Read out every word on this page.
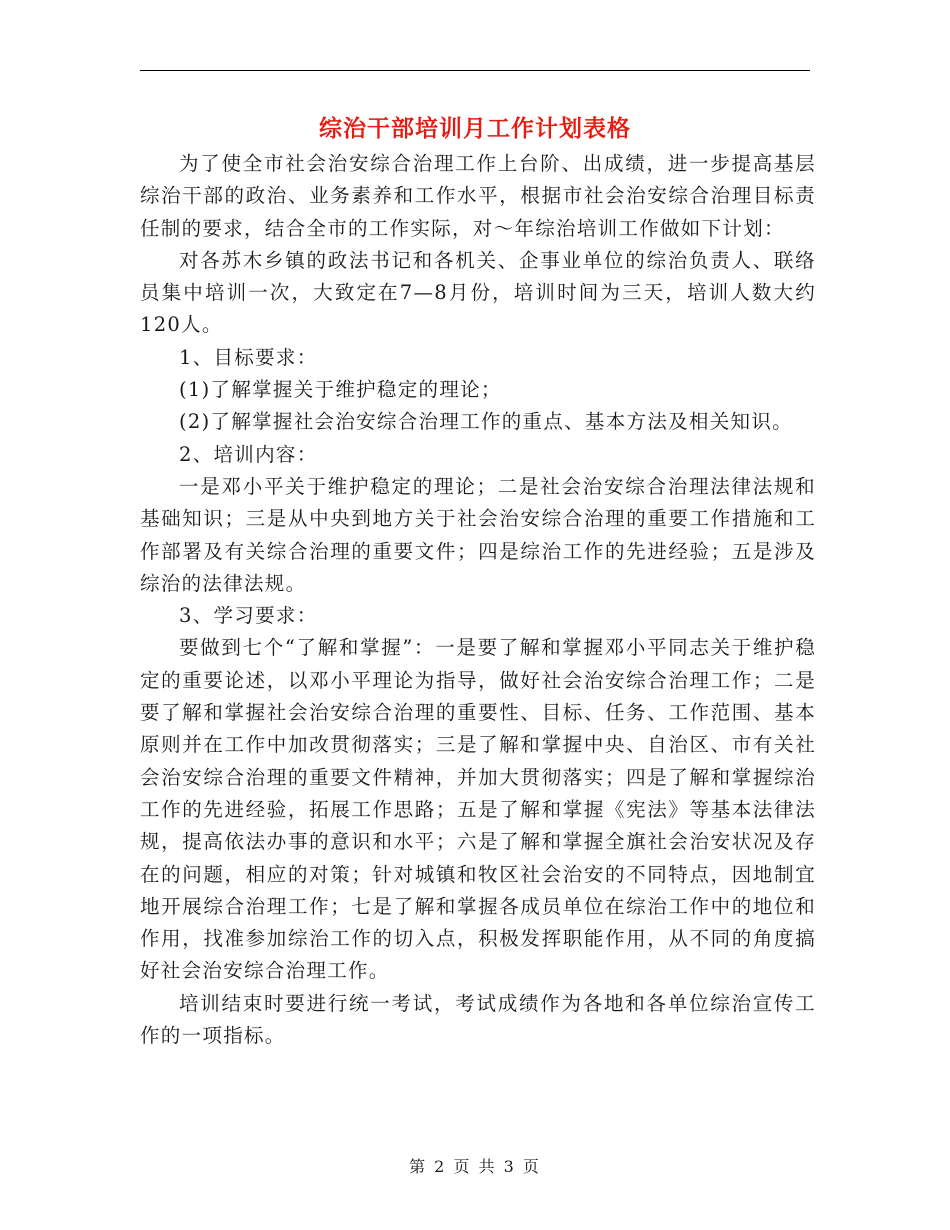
综治干部培训月工作计划表格
为了使全市社会治安综合治理工作上台阶、出成绩，进一步提高基层综治干部的政治、业务素养和工作水平，根据市社会治安综合治理目标责任制的要求，结合全市的工作实际，对～年综治培训工作做如下计划：
对各苏木乡镇的政法书记和各机关、企事业单位的综治负责人、联络员集中培训一次，大致定在7—8月份，培训时间为三天，培训人数大约120人。
1、目标要求：
(1)了解掌握关于维护稳定的理论；
(2)了解掌握社会治安综合治理工作的重点、基本方法及相关知识。
2、培训内容：
一是邓小平关于维护稳定的理论；二是社会治安综合治理法律法规和基础知识；三是从中央到地方关于社会治安综合治理的重要工作措施和工作部署及有关综合治理的重要文件；四是综治工作的先进经验；五是涉及综治的法律法规。
3、学习要求：
要做到七个“了解和掌握”：一是要了解和掌握邓小平同志关于维护稳定的重要论述，以邓小平理论为指导，做好社会治安综合治理工作；二是要了解和掌握社会治安综合治理的重要性、目标、任务、工作范围、基本原则并在工作中加改贯彻落实；三是了解和掌握中央、自治区、市有关社会治安综合治理的重要文件精神，并加大贯彻落实；四是了解和掌握综治工作的先进经验，拓展工作思路；五是了解和掌握《宪法》等基本法律法规，提高依法办事的意识和水平；六是了解和掌握全旗社会治安状况及存在的问题，相应的对策；针对城镇和牧区社会治安的不同特点，因地制宜地开展综合治理工作；七是了解和掌握各成员单位在综治工作中的地位和作用，找准参加综治工作的切入点，积极发挥职能作用，从不同的角度搞好社会治安综合治理工作。
培训结束时要进行统一考试，考试成绩作为各地和各单位综治宣传工作的一项指标。
第 2 页 共 3 页
